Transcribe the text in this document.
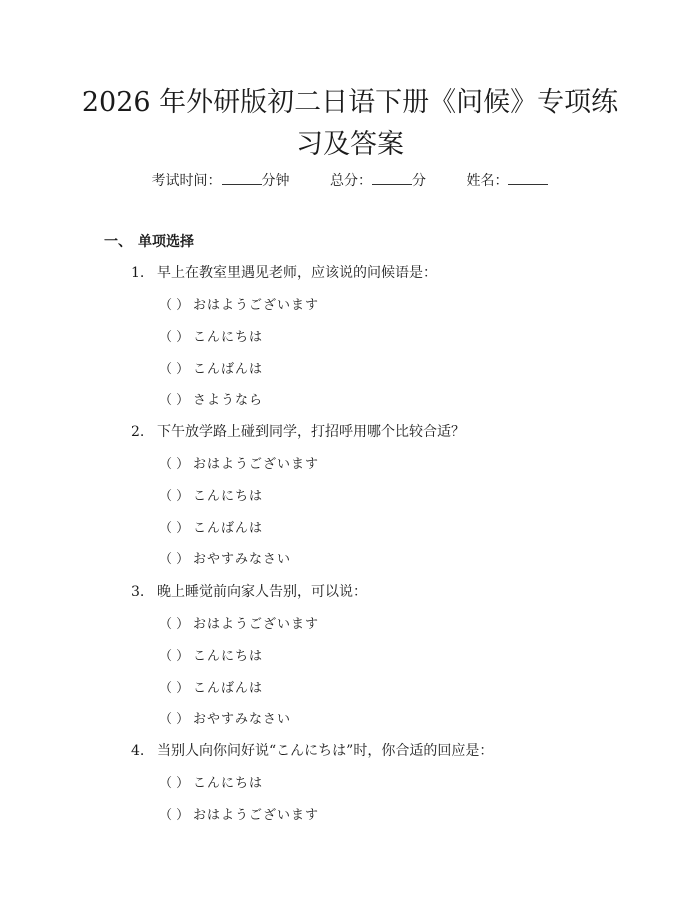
2026 年外研版初二日语下册《问候》专项练
习及答案
考试时间：	分钟	总分：	分	姓名：
一、 单项选择
1. 早上在教室里遇见老师，应该说的问候语是：
（ ） おはようございます
（ ） こんにちは
（ ） こんばんは
（ ） さようなら
2. 下午放学路上碰到同学，打招呼用哪个比较合适？
（ ） おはようございます
（ ） こんにちは
（ ） こんばんは
（ ） おやすみなさい
3. 晚上睡觉前向家人告别，可以说：
（ ） おはようございます
（ ） こんにちは
（ ） こんばんは
（ ） おやすみなさい
4. 当别人向你问好说“こんにちは”时，你合适的回应是：
（ ） こんにちは
（ ） おはようございます
